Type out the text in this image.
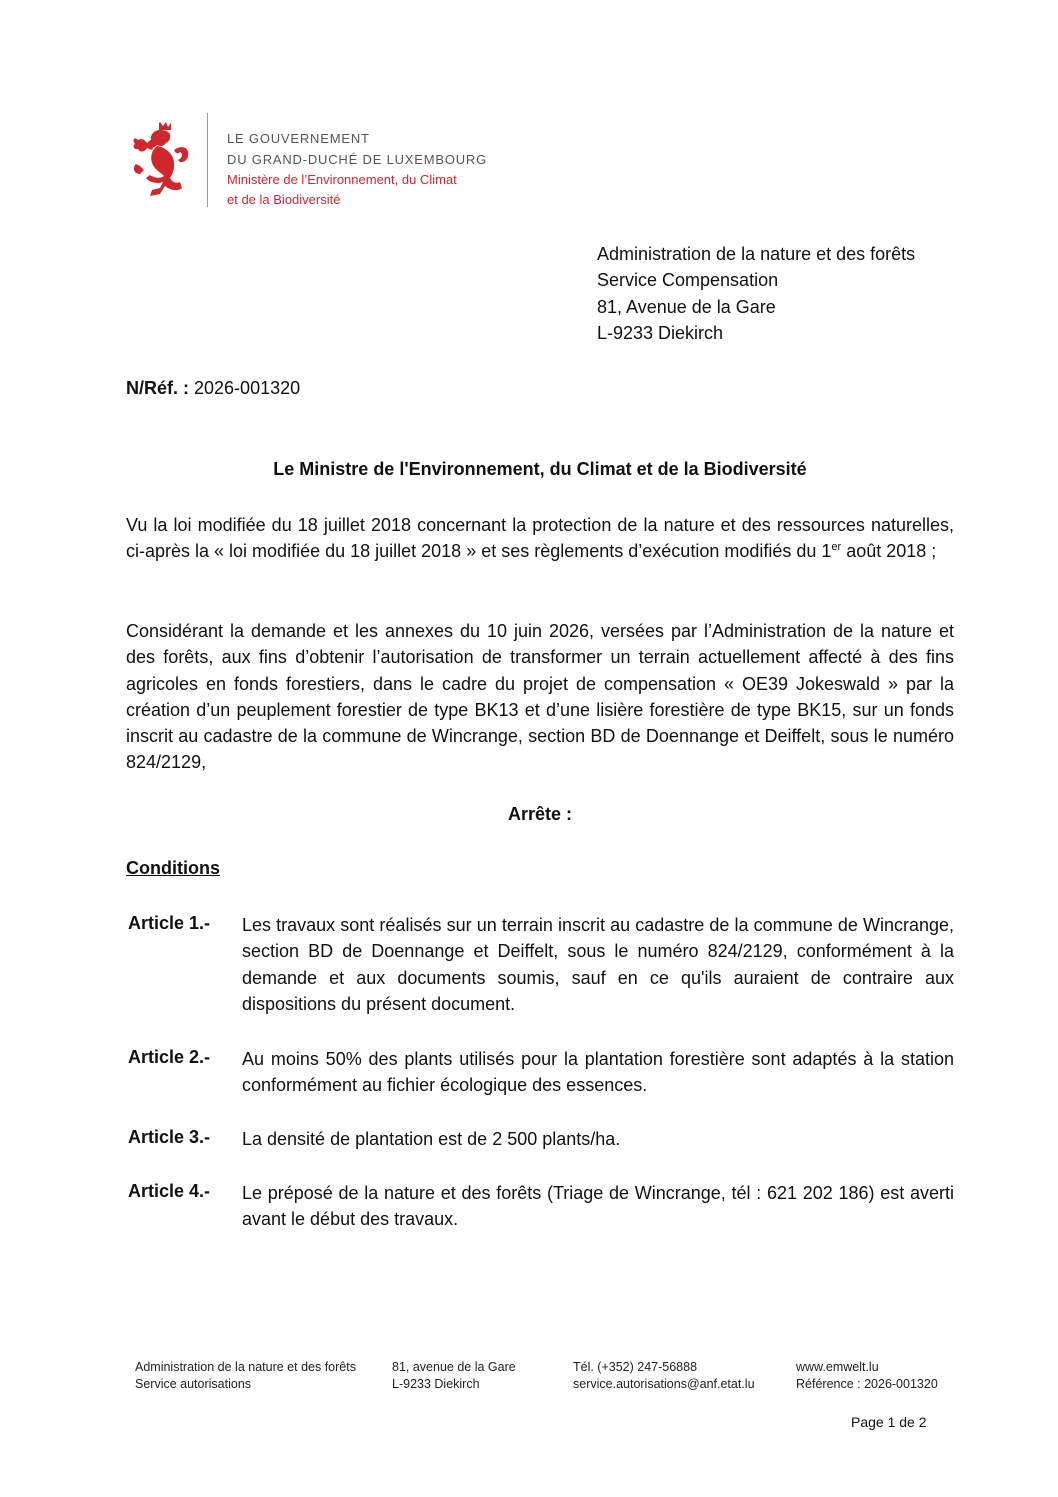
LE GOUVERNEMENT
DU GRAND-DUCHÉ DE LUXEMBOURG
Ministère de l’Environnement, du Climat
et de la Biodiversité
Administration de la nature et des forêts
Service Compensation
81, Avenue de la Gare
L-9233 Diekirch
N/Réf. : 2026-001320
Le Ministre de l'Environnement, du Climat et de la Biodiversité
Vu la loi modifiée du 18 juillet 2018 concernant la protection de la nature et des ressources naturelles, ci-après la « loi modifiée du 18 juillet 2018 » et ses règlements d’exécution modifiés du 1er août 2018 ;
Considérant la demande et les annexes du 10 juin 2026, versées par l’Administration de la nature et des forêts, aux fins d’obtenir l’autorisation de transformer un terrain actuellement affecté à des fins agricoles en fonds forestiers, dans le cadre du projet de compensation « OE39 Jokeswald » par la création d’un peuplement forestier de type BK13 et d’une lisière forestière de type BK15, sur un fonds inscrit au cadastre de la commune de Wincrange, section BD de Doennange et Deiffelt, sous le numéro 824/2129,
Arrête :
Conditions
Article 1.- Les travaux sont réalisés sur un terrain inscrit au cadastre de la commune de Wincrange, section BD de Doennange et Deiffelt, sous le numéro 824/2129, conformément à la demande et aux documents soumis, sauf en ce qu'ils auraient de contraire aux dispositions du présent document.
Article 2.- Au moins 50% des plants utilisés pour la plantation forestière sont adaptés à la station conformément au fichier écologique des essences.
Article 3.- La densité de plantation est de 2 500 plants/ha.
Article 4.- Le préposé de la nature et des forêts (Triage de Wincrange, tél : 621 202 186) est averti avant le début des travaux.
Administration de la nature et des forêts
Service autorisations
81, avenue de la Gare
L-9233 Diekirch
Tél. (+352) 247-56888
service.autorisations@anf.etat.lu
www.emwelt.lu
Référence : 2026-001320
Page 1 de 2
